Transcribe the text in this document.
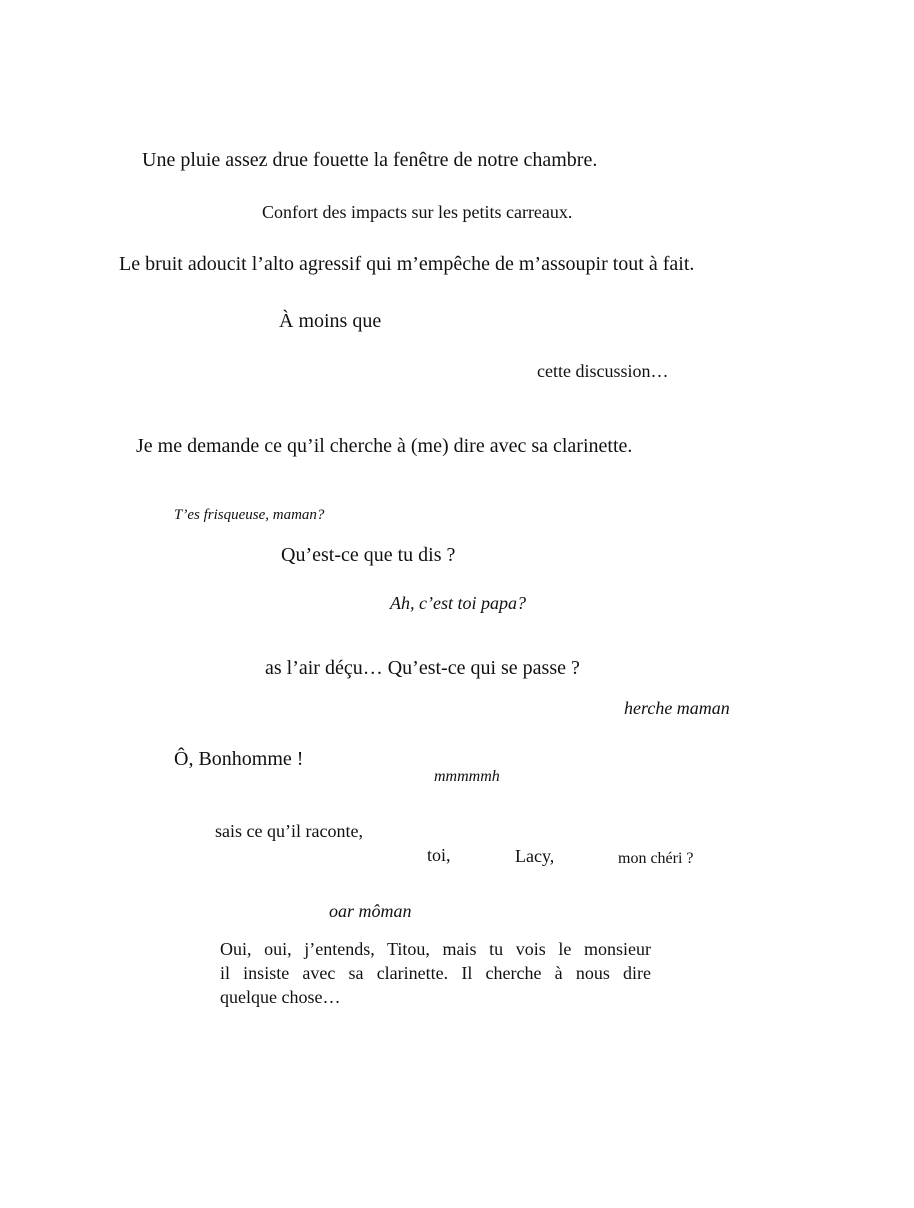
Une pluie assez drue fouette la fenêtre de notre chambre.
Confort des impacts sur les petits carreaux.
Le bruit adoucit l’alto agressif qui m’empêche de m’assoupir tout à fait.
À moins que
cette discussion…
Je me demande ce qu’il cherche à (me) dire avec sa clarinette.
T’es frisqueuse, maman?
Qu’est-ce que tu dis ?
Ah, c’est toi papa?
as l’air déçu… Qu’est-ce qui se passe ?
herche maman
Ô, Bonhomme !
mmmmmh
sais ce qu’il raconte,
toi,	Lacy,	mon chéri ?
oar môman
Oui, oui, j’entends, Titou, mais tu vois le monsieur
il insiste avec sa clarinette. Il cherche à nous dire
quelque chose…
